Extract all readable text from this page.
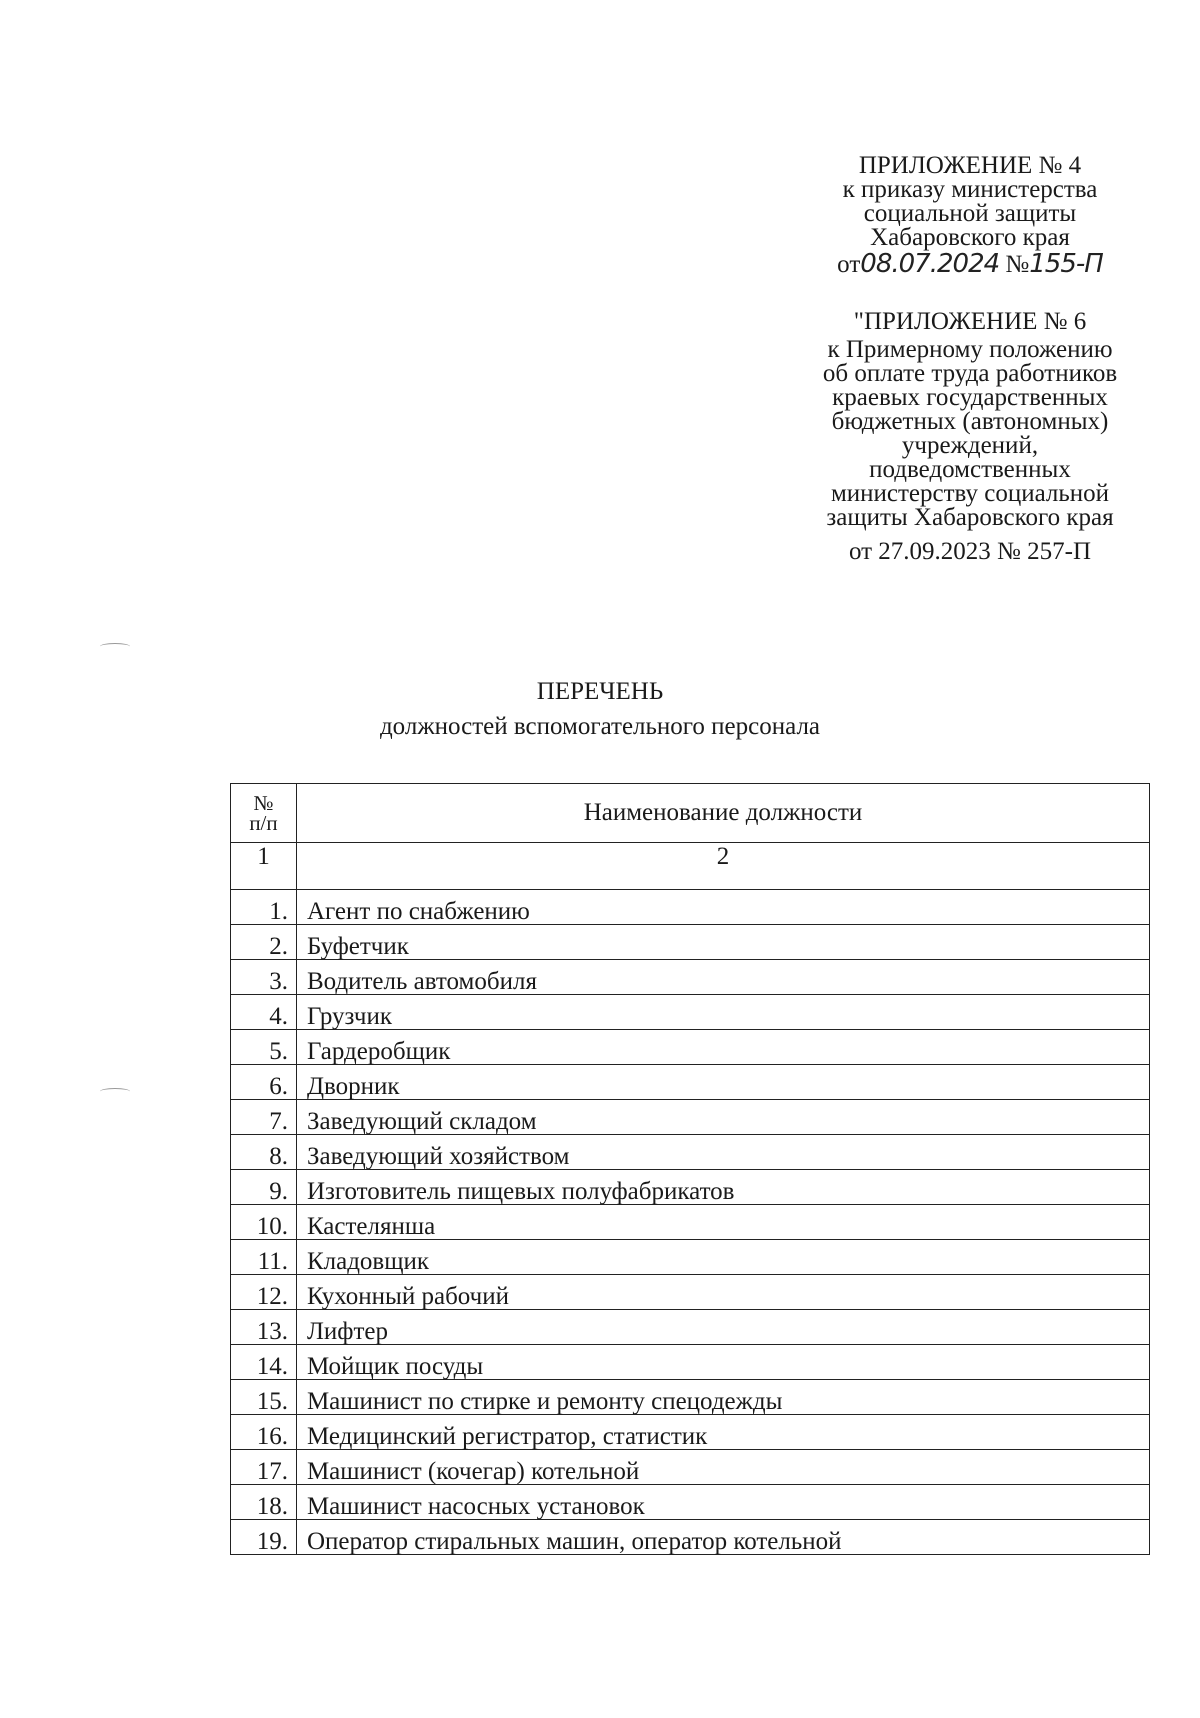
ПРИЛОЖЕНИЕ № 4
к приказу министерства
социальной защиты
Хабаровского края
от08.07.2024 №155-П
"ПРИЛОЖЕНИЕ № 6
к Примерному положению
об оплате труда работников
краевых государственных
бюджетных (автономных)
учреждений,
подведомственных
министерству социальной
защиты Хабаровского края
от 27.09.2023 № 257-П
ПЕРЕЧЕНЬ
должностей вспомогательного персонала
№
п/п	Наименование должности
1	2
1.	Агент по снабжению
2.	Буфетчик
3.	Водитель автомобиля
4.	Грузчик
5.	Гардеробщик
6.	Дворник
7.	Заведующий складом
8.	Заведующий хозяйством
9.	Изготовитель пищевых полуфабрикатов
10.	Кастелянша
11.	Кладовщик
12.	Кухонный рабочий
13.	Лифтер
14.	Мойщик посуды
15.	Машинист по стирке и ремонту спецодежды
16.	Медицинский регистратор, статистик
17.	Машинист (кочегар) котельной
18.	Машинист насосных установок
19.	Оператор стиральных машин, оператор котельной
